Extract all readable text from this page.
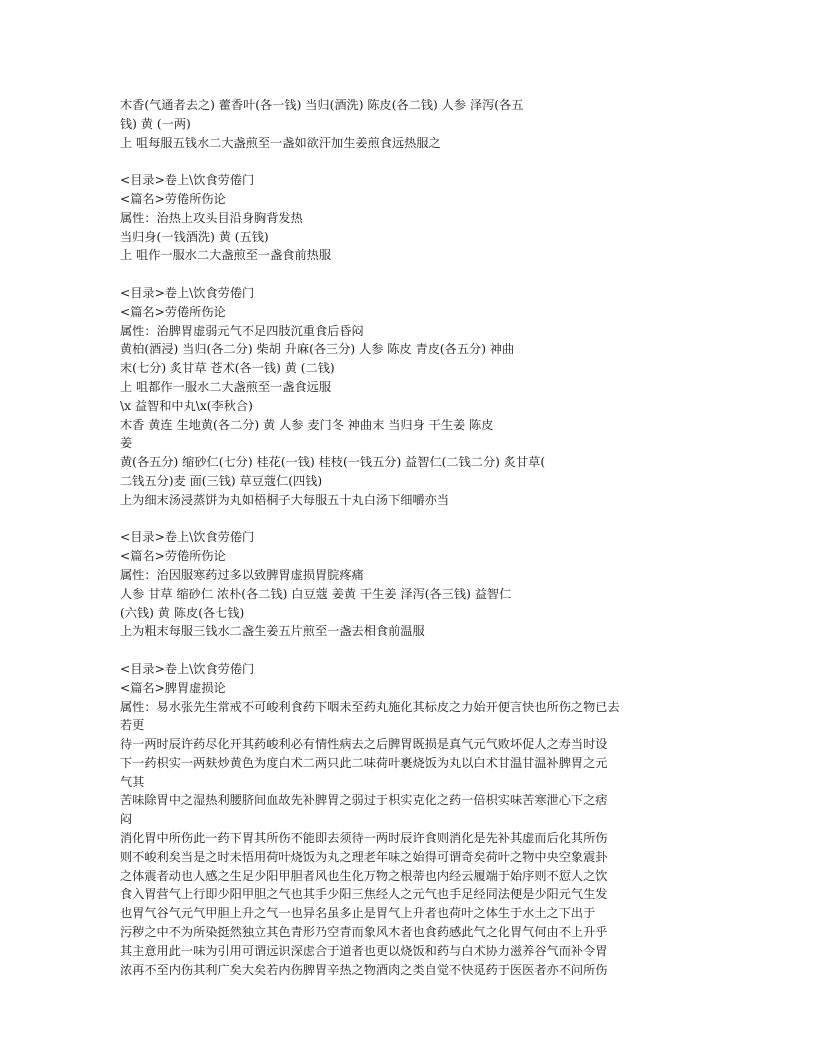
木香(气通者去之) 藿香叶(各一钱) 当归(酒洗) 陈皮(各二钱) 人参 泽泻(各五
钱) 黄 (一两)
上 咀每服五钱水二大盏煎至一盏如欲汗加生姜煎食远热服之
<目录>卷上\饮食劳倦门
<篇名>劳倦所伤论
属性：治热上攻头目沿身胸背发热
当归身(一钱酒洗) 黄 (五钱)
上 咀作一服水二大盏煎至一盏食前热服
<目录>卷上\饮食劳倦门
<篇名>劳倦所伤论
属性：治脾胃虚弱元气不足四肢沉重食后昏闷
黄柏(酒浸) 当归(各二分) 柴胡 升麻(各三分) 人参 陈皮 青皮(各五分) 神曲
末(七分) 炙甘草 苍术(各一钱) 黄 (二钱)
上 咀都作一服水二大盏煎至一盏食远服
\x 益智和中丸\x(李秋合)
木香 黄连 生地黄(各二分) 黄 人参 麦门冬 神曲末 当归身 干生姜 陈皮
姜
黄(各五分) 缩砂仁(七分) 桂花(一钱) 桂枝(一钱五分) 益智仁(二钱二分) 炙甘草(
二钱五分)麦 面(三钱) 草豆蔻仁(四钱)
上为细末汤浸蒸饼为丸如梧桐子大每服五十丸白汤下细嚼亦当
<目录>卷上\饮食劳倦门
<篇名>劳倦所伤论
属性：治因服寒药过多以致脾胃虚损胃脘疼痛
人参 甘草 缩砂仁 浓朴(各二钱) 白豆蔻 姜黄 干生姜 泽泻(各三钱) 益智仁
(六钱) 黄 陈皮(各七钱)
上为粗末每服三钱水二盏生姜五片煎至一盏去相食前温服
<目录>卷上\饮食劳倦门
<篇名>脾胃虚损论
属性：易水张先生常戒不可峻利食药下咽未至药丸施化其标皮之力始开便言快也所伤之物已去
若更
待一两时辰许药尽化开其药峻利必有情性病去之后脾胃既损是真气元气败坏促人之寿当时设
下一药枳实一两麸炒黄色为度白术二两只此二味荷叶裹烧饭为丸以白术甘温甘温补脾胃之元
气其
苦味除胃中之湿热利腰脐间血故先补脾胃之弱过于枳实克化之药一倍枳实味苦寒泄心下之痞
闷
消化胃中所伤此一药下胃其所伤不能即去须待一两时辰许食则消化是先补其虚而后化其所伤
则不峻利矣当是之时未悟用荷叶烧饭为丸之理老年味之始得可谓奇矣荷叶之物中央空象震卦
之体震者动也人感之生足少阳甲胆者风也生化万物之根蒂也内经云履端于始序则不愆人之饮
食入胃营气上行即少阳甲胆之气也其手少阳三焦经人之元气也手足经同法便是少阳元气生发
也胃气谷气元气甲胆上升之气一也异名虽多止是胃气上升者也荷叶之体生于水土之下出于
污秽之中不为所染挺然独立其色青形乃空青而象风木者也食药感此气之化胃气何由不上升乎
其主意用此一味为引用可谓远识深虑合于道者也更以烧饭和药与白术协力滋养谷气而补令胃
浓再不至内伤其利广矣大矣若内伤脾胃辛热之物酒肉之类自觉不快觅药于医医者亦不问所伤
